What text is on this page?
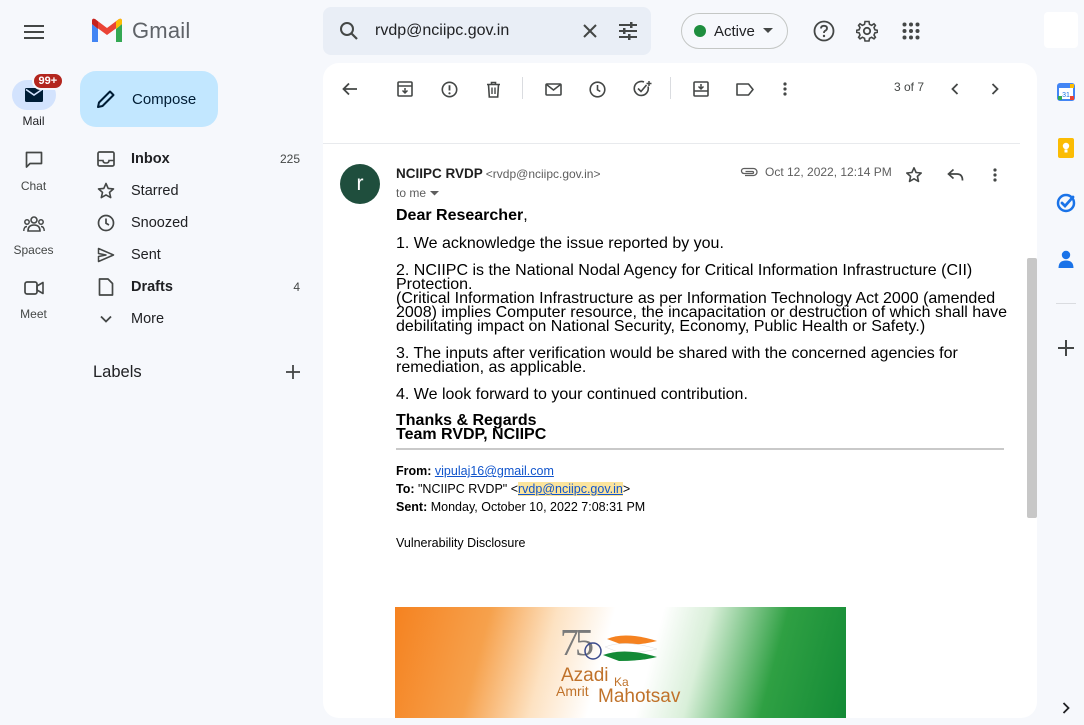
Gmail
rvdp@nciipc.gov.in	Active
99+
Mail
Chat
Spaces
Meet
Compose
Inbox	225
Starred
Snoozed
Sent
Drafts	4
More
Labels
3 of 7
r	NCIIPC RVDP <rvdp@nciipc.gov.in>
to me
Oct 12, 2022, 12:14 PM

Dear Researcher,

1. We acknowledge the issue reported by you.

2. NCIIPC is the National Nodal Agency for Critical Information Infrastructure (CII) Protection.

(Critical Information Infrastructure as per Information Technology Act 2000 (amended 2008) implies Computer resource, the incapacitation or destruction of which shall have debilitating impact on National Security, Economy, Public Health or Safety.)

3. The inputs after verification would be shared with the concerned agencies for remediation, as applicable.

4. We look forward to your continued contribution.

Thanks & Regards

Team RVDP, NCIIPC

From: vipulaj16@gmail.com
To: "NCIIPC RVDP" <rvdp@nciipc.gov.in>
Sent: Monday, October 10, 2022 7:08:31 PM
Vulnerability Disclosure
75
Azadi Ka
Amrit Mahotsav
31
